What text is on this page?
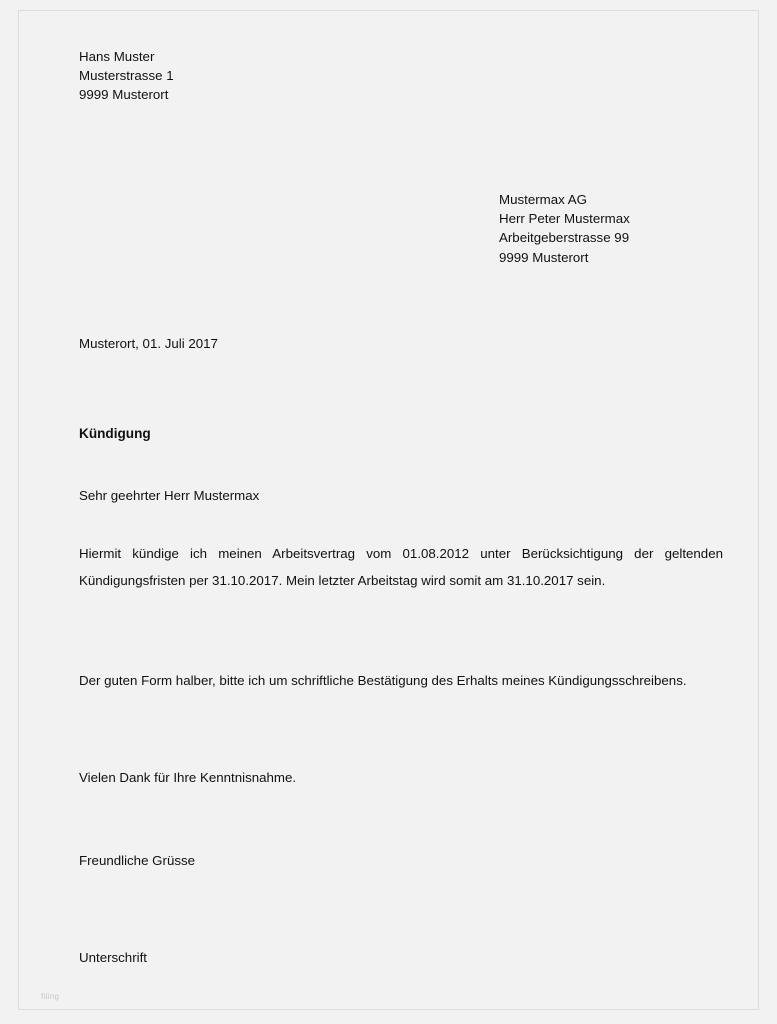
Hans Muster
Musterstrasse 1
9999 Musterort
Mustermax AG
Herr Peter Mustermax
Arbeitgeberstrasse 99
9999 Musterort
Musterort, 01. Juli 2017
Kündigung
Sehr geehrter Herr Mustermax
Hiermit kündige ich meinen Arbeitsvertrag vom 01.08.2012 unter Berücksichtigung der geltenden Kündigungsfristen per 31.10.2017. Mein letzter Arbeitstag wird somit am 31.10.2017 sein.
Der guten Form halber, bitte ich um schriftliche Bestätigung des Erhalts meines Kündigungsschreibens.
Vielen Dank für Ihre Kenntnisnahme.
Freundliche Grüsse
Unterschrift
filing
